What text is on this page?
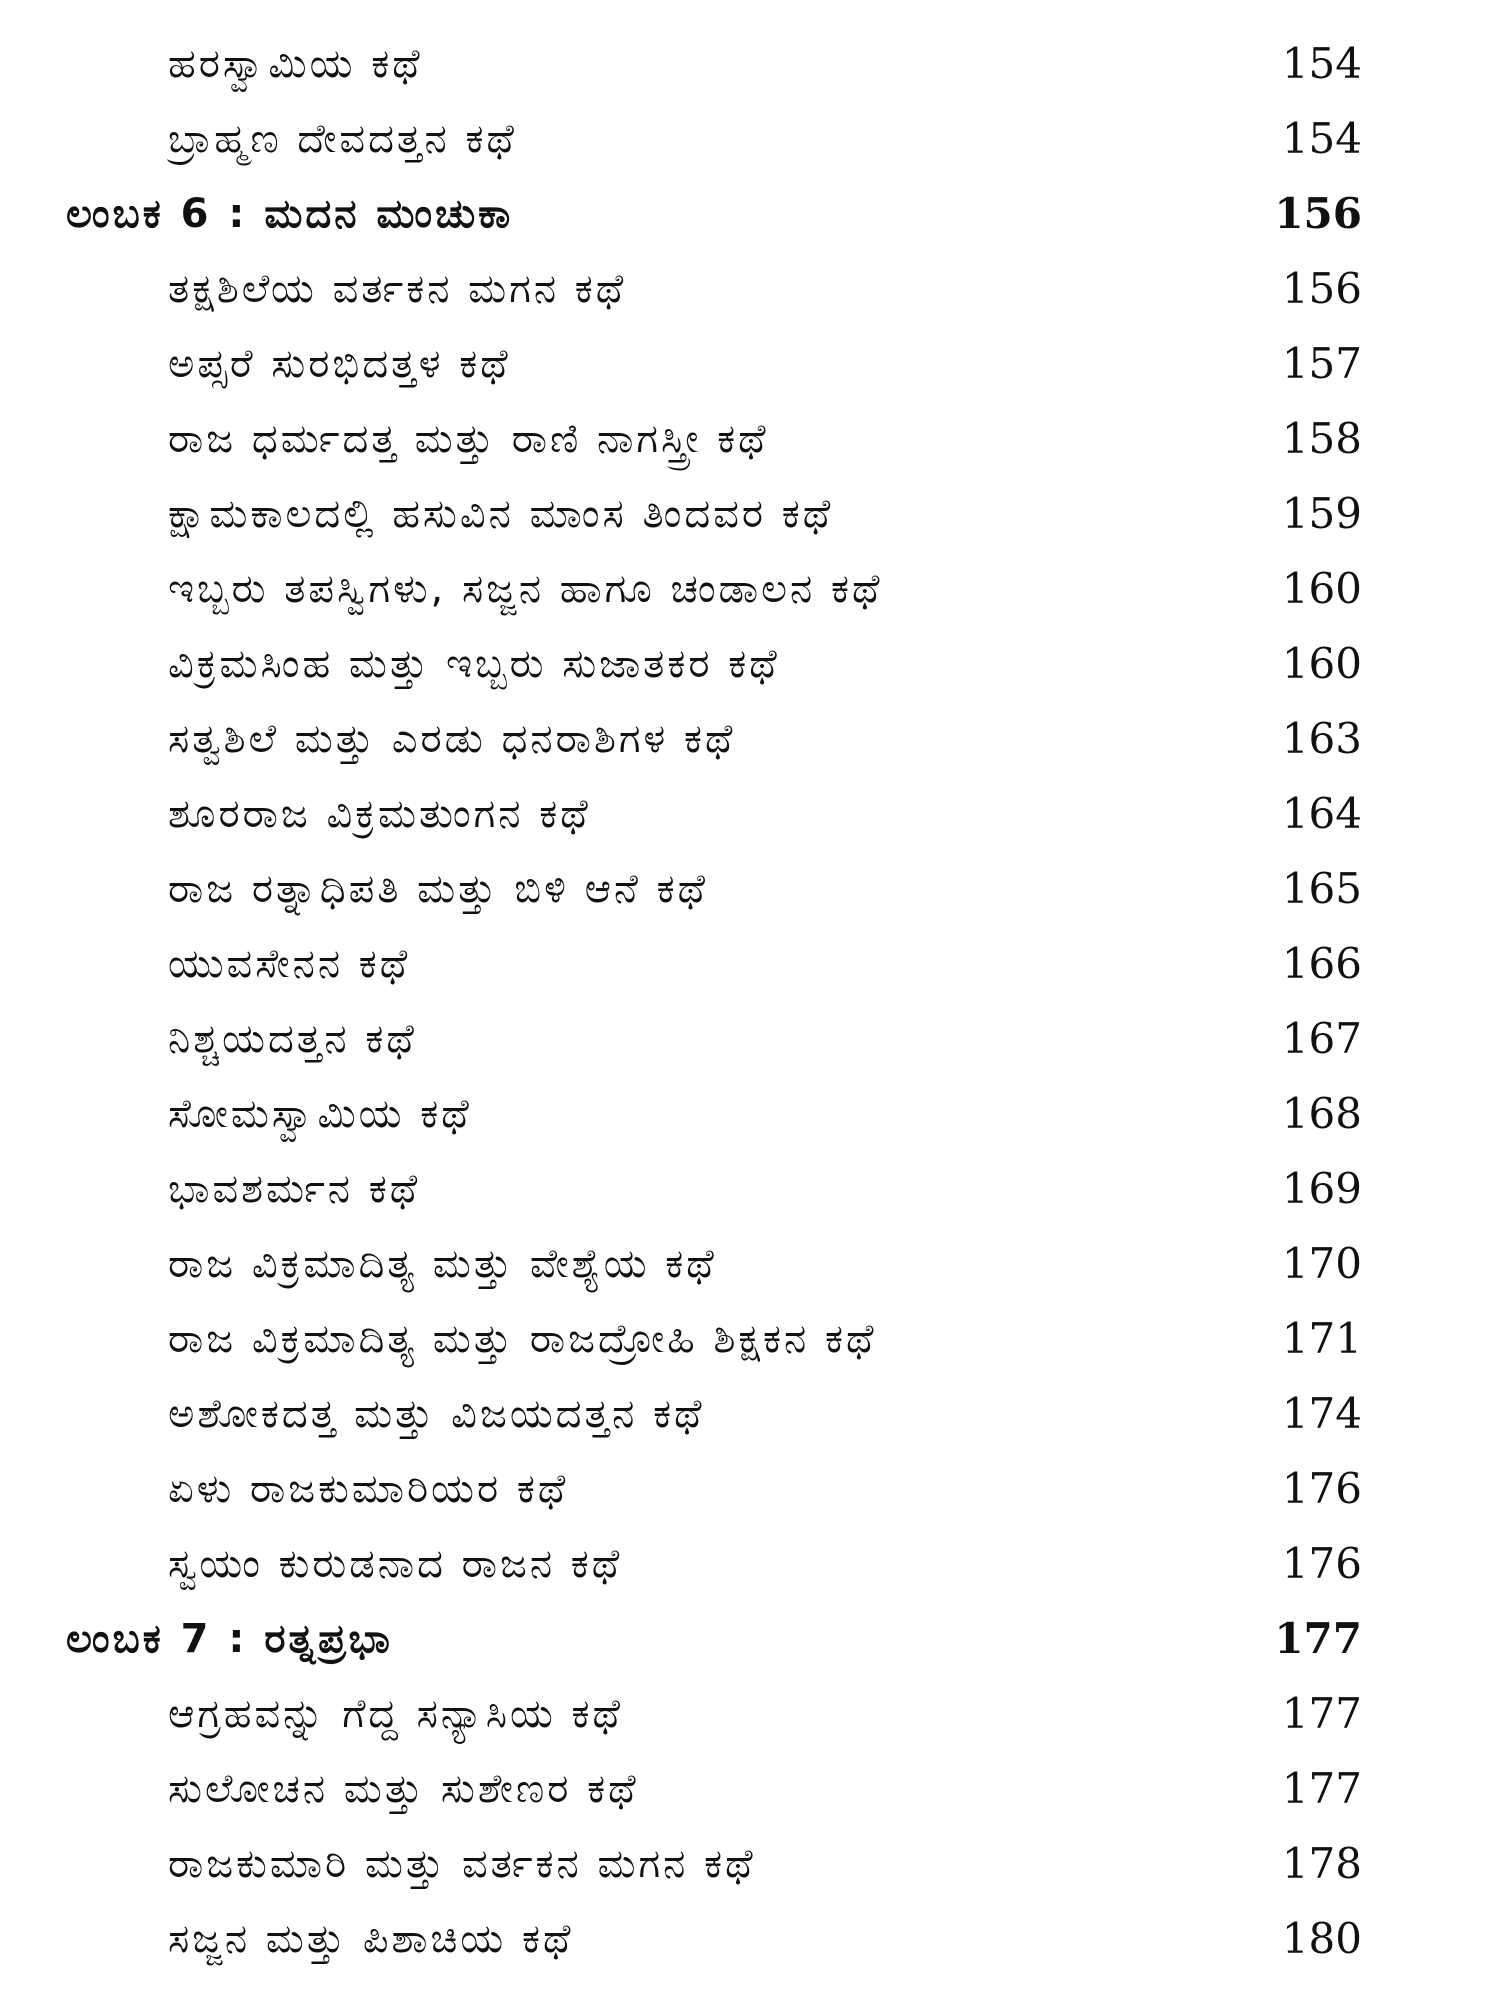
ಹರಸ್ವಾಮಿಯ ಕಥೆ	154
ಬ್ರಾಹ್ಮಣ ದೇವದತ್ತನ ಕಥೆ	154
ಲಂಬಕ 6 : ಮದನ ಮಂಚುಕಾ	156
ತಕ್ಷಶಿಲೆಯ ವರ್ತಕನ ಮಗನ ಕಥೆ	156
ಅಪ್ಸರೆ ಸುರಭಿದತ್ತಳ ಕಥೆ	157
ರಾಜ ಧರ್ಮದತ್ತ ಮತ್ತು ರಾಣಿ ನಾಗಸ್ತ್ರೀ ಕಥೆ	158
ಕ್ಷಾಮಕಾಲದಲ್ಲಿ ಹಸುವಿನ ಮಾಂಸ ತಿಂದವರ ಕಥೆ	159
ಇಬ್ಬರು ತಪಸ್ವಿಗಳು, ಸಜ್ಜನ ಹಾಗೂ ಚಂಡಾಲನ ಕಥೆ	160
ವಿಕ್ರಮಸಿಂಹ ಮತ್ತು ಇಬ್ಬರು ಸುಜಾತಕರ ಕಥೆ	160
ಸತ್ವಶಿಲೆ ಮತ್ತು ಎರಡು ಧನರಾಶಿಗಳ ಕಥೆ	163
ಶೂರರಾಜ ವಿಕ್ರಮತುಂಗನ ಕಥೆ	164
ರಾಜ ರತ್ನಾಧಿಪತಿ ಮತ್ತು ಬಿಳಿ ಆನೆ ಕಥೆ	165
ಯುವಸೇನನ ಕಥೆ	166
ನಿಶ್ಚಯದತ್ತನ ಕಥೆ	167
ಸೋಮಸ್ವಾಮಿಯ ಕಥೆ	168
ಭಾವಶರ್ಮನ ಕಥೆ	169
ರಾಜ ವಿಕ್ರಮಾದಿತ್ಯ ಮತ್ತು ವೇಶ್ಯೆಯ ಕಥೆ	170
ರಾಜ ವಿಕ್ರಮಾದಿತ್ಯ ಮತ್ತು ರಾಜದ್ರೋಹಿ ಶಿಕ್ಷಕನ ಕಥೆ	171
ಅಶೋಕದತ್ತ ಮತ್ತು ವಿಜಯದತ್ತನ ಕಥೆ	174
ಏಳು ರಾಜಕುಮಾರಿಯರ ಕಥೆ	176
ಸ್ವಯಂ ಕುರುಡನಾದ ರಾಜನ ಕಥೆ	176
ಲಂಬಕ 7 : ರತ್ನಪ್ರಭಾ	177
ಆಗ್ರಹವನ್ನು ಗೆದ್ದ ಸನ್ಯಾಸಿಯ ಕಥೆ	177
ಸುಲೋಚನ ಮತ್ತು ಸುಶೇಣರ ಕಥೆ	177
ರಾಜಕುಮಾರಿ ಮತ್ತು ವರ್ತಕನ ಮಗನ ಕಥೆ	178
ಸಜ್ಜನ ಮತ್ತು ಪಿಶಾಚಿಯ ಕಥೆ	180
